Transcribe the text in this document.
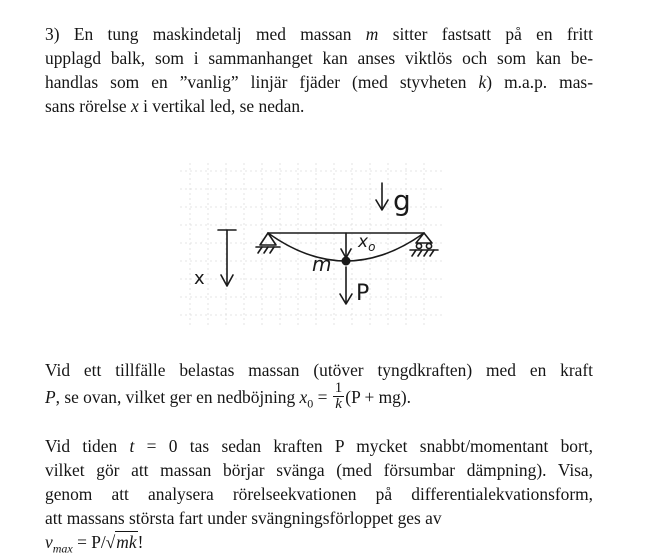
3) En tung maskindetalj med massan m sitter fastsatt på en fritt
upplagd balk, som i sammanhanget kan anses viktlös och som kan be-
handlas som en ”vanlig” linjär fjäder (med styvheten k) m.a.p. mas-
sans rörelse x i vertikal led, se nedan.
g
$x_o$
m
P
x
Vid ett tillfälle belastas massan (utöver tyngdkraften) med en kraft
P, se ovan, vilket ger en nedböjning $x_0 = \frac{1}{k} (P + mg)$.
Vid tiden t = 0 tas sedan kraften P mycket snabbt/momentant bort,
vilket gör att massan börjar svänga (med försumbar dämpning). Visa,
genom att analysera rörelseekvationen på differentialekvationsform,
att massans största fart under svängningsförloppet ges av
$v_{max} = P/√mk$!
